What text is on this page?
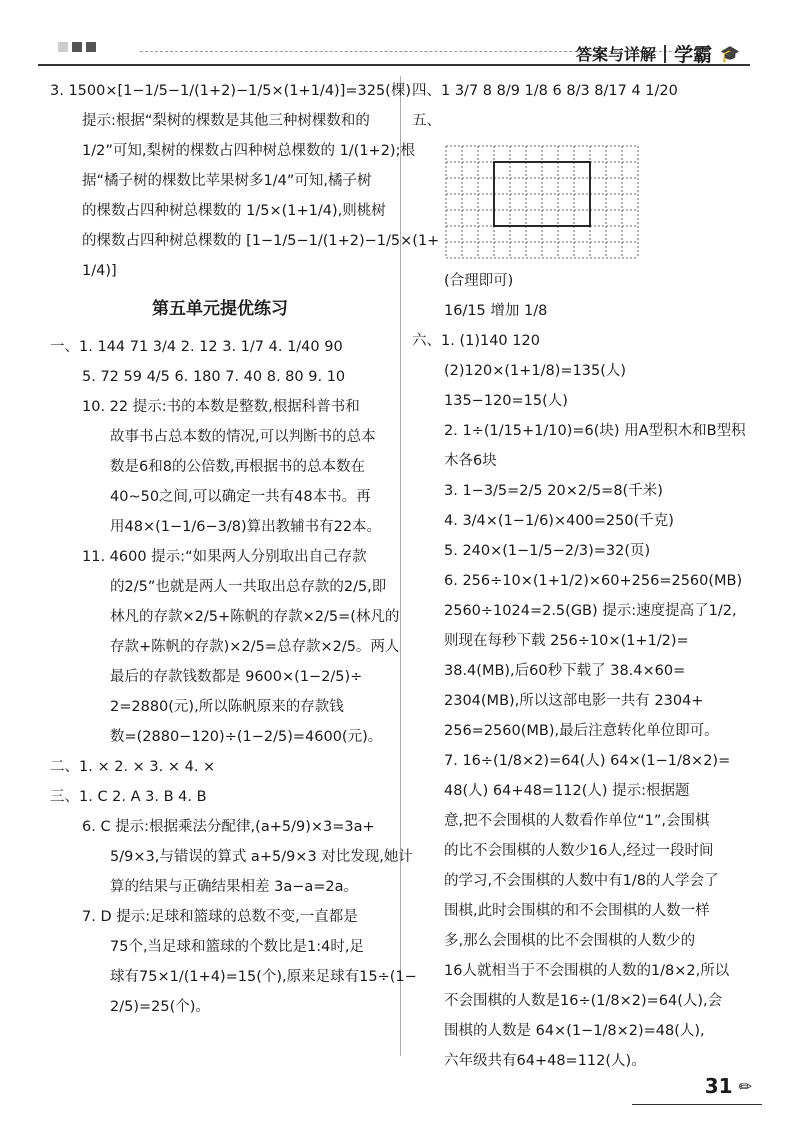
答案与详解 学霸 🎓
3. 1500×[1−1/5−1/(1+2)−1/5×(1+1/4)]=325(棵)
提示:根据“梨树的棵数是其他三种树棵数和的
1/2”可知,梨树的棵数占四种树总棵数的 1/(1+2);根
据“橘子树的棵数比苹果树多1/4”可知,橘子树
的棵数占四种树总棵数的 1/5×(1+1/4),则桃树
的棵数占四种树总棵数的 [1−1/5−1/(1+2)−1/5×(1+
1/4)]
第五单元提优练习
一、1. 144 71 3/4 2. 12 3. 1/7 4. 1/40 90
5. 72 59 4/5 6. 180 7. 40 8. 80 9. 10
10. 22 提示:书的本数是整数,根据科普书和
故事书占总本数的情况,可以判断书的总本
数是6和8的公倍数,再根据书的总本数在
40~50之间,可以确定一共有48本书。再
用48×(1−1/6−3/8)算出教辅书有22本。
11. 4600 提示:“如果两人分别取出自己存款
的2/5”也就是两人一共取出总存款的2/5,即
林凡的存款×2/5+陈帆的存款×2/5=(林凡的
存款+陈帆的存款)×2/5=总存款×2/5。两人
最后的存款钱数都是 9600×(1−2/5)÷
2=2880(元),所以陈帆原来的存款钱
数=(2880−120)÷(1−2/5)=4600(元)。
二、1. × 2. × 3. × 4. ×
三、1. C 2. A 3. B 4. B
6. C 提示:根据乘法分配律,(a+5/9)×3=3a+
5/9×3,与错误的算式 a+5/9×3 对比发现,她计
算的结果与正确结果相差 3a−a=2a。
7. D 提示:足球和篮球的总数不变,一直都是
75个,当足球和篮球的个数比是1:4时,足
球有75×1/(1+4)=15(个),原来足球有15÷(1−
2/5)=25(个)。
四、1 3/7 8 8/9 1/8 6 8/3 8/17 4 1/20
五、
(合理即可)
16/15 增加 1/8
六、1. (1)140 120
(2)120×(1+1/8)=135(人)
135−120=15(人)
2. 1÷(1/15+1/10)=6(块) 用A型积木和B型积
木各6块
3. 1−3/5=2/5 20×2/5=8(千米)
4. 3/4×(1−1/6)×400=250(千克)
5. 240×(1−1/5−2/3)=32(页)
6. 256÷10×(1+1/2)×60+256=2560(MB)
2560÷1024=2.5(GB) 提示:速度提高了1/2,
则现在每秒下载 256÷10×(1+1/2)=
38.4(MB),后60秒下载了 38.4×60=
2304(MB),所以这部电影一共有 2304+
256=2560(MB),最后注意转化单位即可。
7. 16÷(1/8×2)=64(人) 64×(1−1/8×2)=
48(人) 64+48=112(人) 提示:根据题
意,把不会围棋的人数看作单位“1”,会围棋
的比不会围棋的人数少16人,经过一段时间
的学习,不会围棋的人数中有1/8的人学会了
围棋,此时会围棋的和不会围棋的人数一样
多,那么会围棋的比不会围棋的人数少的
16人就相当于不会围棋的人数的1/8×2,所以
不会围棋的人数是16÷(1/8×2)=64(人),会
围棋的人数是 64×(1−1/8×2)=48(人),
六年级共有64+48=112(人)。
31 ✏
